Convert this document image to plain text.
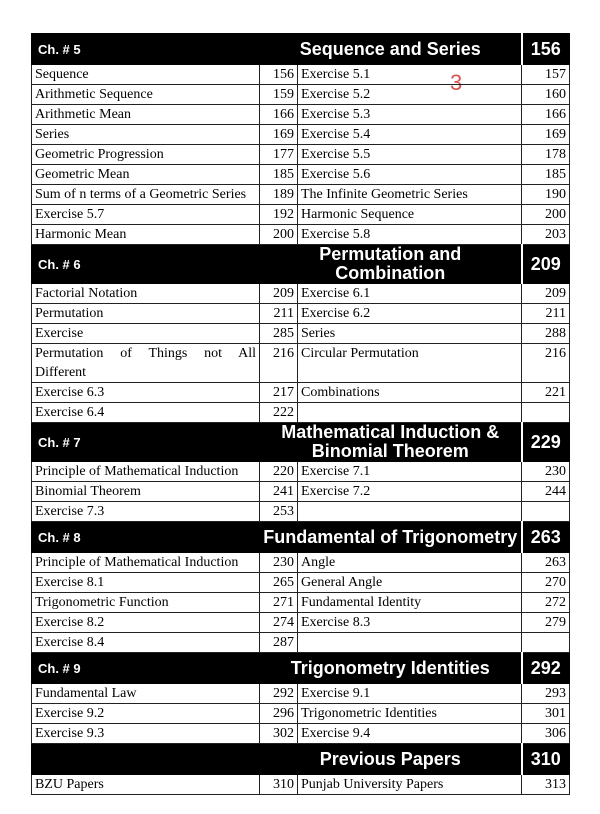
3
Ch. # 5	Sequence and Series		156
Sequence	156	Exercise 5.1	157
Arithmetic Sequence	159	Exercise 5.2	160
Arithmetic Mean	166	Exercise 5.3	166
Series	169	Exercise 5.4	169
Geometric Progression	177	Exercise 5.5	178
Geometric Mean	185	Exercise 5.6	185
Sum of n terms of a Geometric Series	189	The Infinite Geometric Series	190
Exercise 5.7	192	Harmonic Sequence	200
Harmonic Mean	200	Exercise 5.8	203
Ch. # 6	Permutation and Combination		209
Factorial Notation	209	Exercise 6.1	209
Permutation	211	Exercise 6.2	211
Exercise	285	Series	288
Permutation of Things not All Different	216	Circular Permutation	216
Exercise 6.3	217	Combinations	221
Exercise 6.4	222		
Ch. # 7	Mathematical Induction & Binomial Theorem		229
Principle of Mathematical Induction	220	Exercise 7.1	230
Binomial Theorem	241	Exercise 7.2	244
Exercise 7.3	253		
Ch. # 8	Fundamental of Trigonometry		263
Principle of Mathematical Induction	230	Angle	263
Exercise 8.1	265	General Angle	270
Trigonometric Function	271	Fundamental Identity	272
Exercise 8.2	274	Exercise 8.3	279
Exercise 8.4	287		
Ch. # 9	Trigonometry Identities		292
Fundamental Law	292	Exercise 9.1	293
Exercise 9.2	296	Trigonometric Identities	301
Exercise 9.3	302	Exercise 9.4	306
	Previous Papers		310
BZU Papers	310	Punjab University Papers	313
